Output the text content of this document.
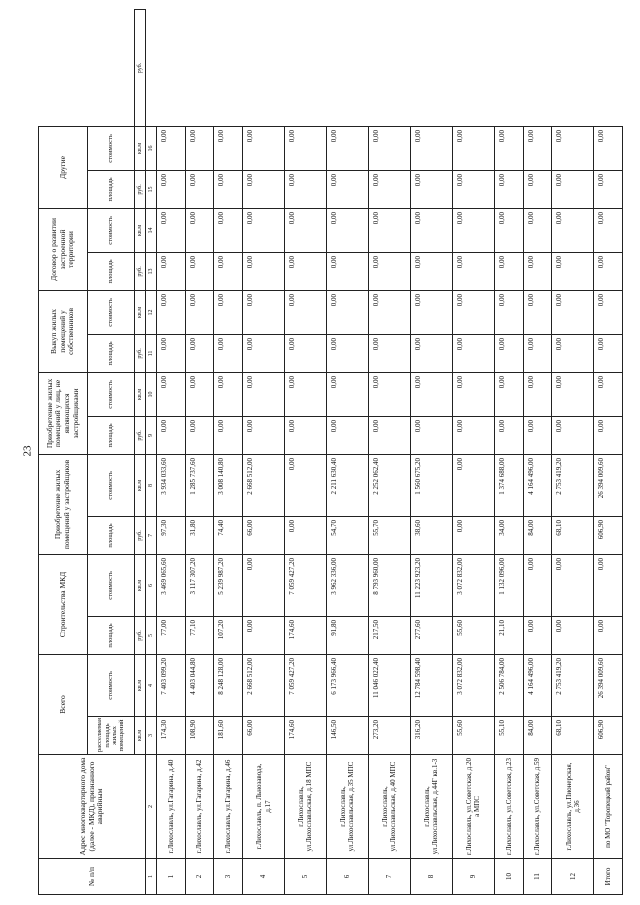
23
№ п/п	Адрес многоквартирного дома (далее - МКД), признанного аварийным	Всего		Строительства МКД		Приобретение жилых помещений у застройщиков		Приобретение жилых помещений у лиц, не являющихся застройщиками		Выкуп жилых помещений у собственников		Договор о развитии застроенной территории		Другие		
		расселяемая площадь жилых помещений	стоимость	площадь	стоимость	площадь	стоимость	площадь	стоимость	площадь	стоимость	площадь	стоимость	площадь	стоимость	
		кв.м	кв.м	руб.	кв.м	руб.	кв.м	руб.	кв.м	руб.	кв.м	руб.	кв.м	руб.	кв.м	руб.
1	2	3	4	5	6	7	8	9	10	11	12	13	14	15	16	
1	г.Лихославль, ул.Гагарина, д.40	174,30	7 403 099,20	77,00	3 469 065,60	97,30	3 934 033,60	0,00	0,00	0,00	0,00	0,00	0,00	0,00	0,00	
2	г.Лихославль, ул.Гагарина, д.42	108,90	4 403 044,80	77,10	3 117 307,20	31,80	1 285 737,60	0,00	0,00	0,00	0,00	0,00	0,00	0,00	0,00	
3	г.Лихославль, ул.Гагарина, д.46	181,60	8 248 128,00	107,20	5 239 987,20	74,40	3 008 140,80	0,00	0,00	0,00	0,00	0,00	0,00	0,00	0,00	
4	г.Лихославль, п. Льнозавода, д.17	66,00	2 668 512,00	0,00	0,00	66,00	2 668 512,00	0,00	0,00	0,00	0,00	0,00	0,00	0,00	0,00	
5	г.Лихославль, ул.Лихославльская, д.18 МПС	174,60	7 059 427,20	174,60	7 059 427,20	0,00	0,00	0,00	0,00	0,00	0,00	0,00	0,00	0,00	0,00	
6	г.Лихославль, ул.Лихославльская, д.35 МПС	146,50	6 173 966,40	91,80	3 962 336,00	54,70	2 211 630,40	0,00	0,00	0,00	0,00	0,00	0,00	0,00	0,00	
7	г.Лихославль, ул.Лихославльская, д.40 МПС	273,20	11 046 022,40	217,50	8 793 960,00	55,70	2 252 062,40	0,00	0,00	0,00	0,00	0,00	0,00	0,00	0,00	
8	г.Лихославль, ул.Лихославльская, д.44Г кв.1-3	316,20	12 784 598,40	277,60	11 223 923,20	38,60	1 560 675,20	0,00	0,00	0,00	0,00	0,00	0,00	0,00	0,00	
9	г.Лихославль, ул.Советская, д.20 а МПС	55,60	3 072 832,00	55,60	3 072 832,00	0,00	0,00	0,00	0,00	0,00	0,00	0,00	0,00	0,00	0,00	
10	г.Лихославль, ул.Советская, д.23	55,10	2 506 784,00	21,10	1 132 096,00	34,00	1 374 688,00	0,00	0,00	0,00	0,00	0,00	0,00	0,00	0,00	
11	г.Лихославль, ул.Советская, д.59	84,00	4 164 496,00	0,00	0,00	84,00	4 164 496,00	0,00	0,00	0,00	0,00	0,00	0,00	0,00	0,00	
12	г.Лихославль, ул.Пионерская, д.36	68,10	2 753 419,20	0,00	0,00	68,10	2 753 419,20	0,00	0,00	0,00	0,00	0,00	0,00	0,00	0,00	
Итого	по МО "Торопецкий район"	606,90	26 394 009,60	0,00	0,00	606,90	26 394 009,60	0,00	0,00	0,00	0,00	0,00	0,00	0,00	0,00	
